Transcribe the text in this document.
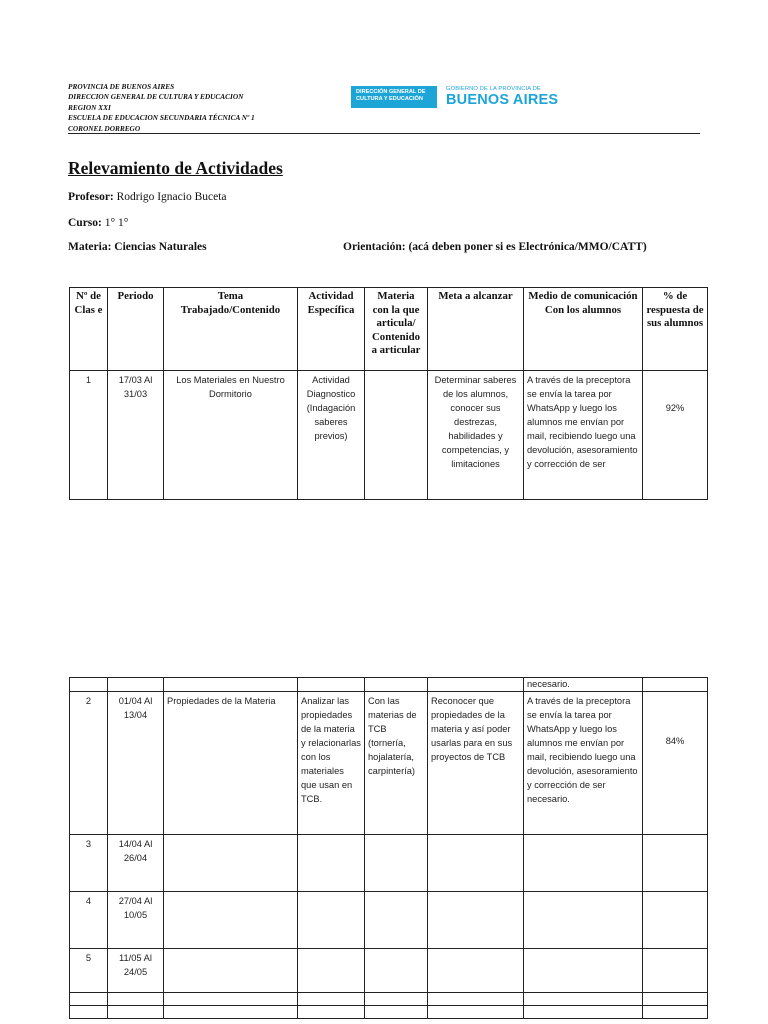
PROVINCIA DE BUENOS AIRES
DIRECCION GENERAL DE CULTURA Y EDUCACION
REGION XXI
ESCUELA DE EDUCACION SECUNDARIA TÉCNICA Nº 1
CORONEL DORREGO
DIRECCIÓN GENERAL DE
CULTURA Y EDUCACIÓN
GOBIERNO DE LA PROVINCIA DE
BUENOS AIRES
Relevamiento de Actividades
Profesor: Rodrigo Ignacio Buceta
Curso: 1° 1°
Materia: Ciencias Naturales	Orientación: (acá deben poner si es Electrónica/MMO/CATT)
Nº de Clas e	Periodo	Tema Trabajado/Contenido	Actividad Específica	Materia con la que articula/ Contenido a articular	Meta a alcanzar	Medio de comunicación Con los alumnos	% de respuesta de sus alumnos
1	17/03 Al 31/03	Los Materiales en Nuestro Dormitorio	Actividad Diagnostico (Indagación saberes previos)		Determinar saberes de los alumnos, conocer sus destrezas, habilidades y competencias, y limitaciones	A través de la preceptora se envía la tarea por WhatsApp y luego los alumnos me envían por mail, recibiendo luego una devolución, asesoramiento y corrección de ser	92%
						necesario.	
2	01/04 Al 13/04	Propiedades de la Materia	Analizar las propiedades de la materia y relacionarlas con los materiales que usan en TCB.	Con las materias de TCB (tornería, hojalatería, carpintería)	Reconocer que propiedades de la materia y así poder usarlas para en sus proyectos de TCB	A través de la preceptora se envía la tarea por WhatsApp y luego los alumnos me envían por mail, recibiendo luego una devolución, asesoramiento y corrección de ser necesario.	84%
3	14/04 Al 26/04						
4	27/04 Al 10/05						
5	11/05 Al 24/05						
